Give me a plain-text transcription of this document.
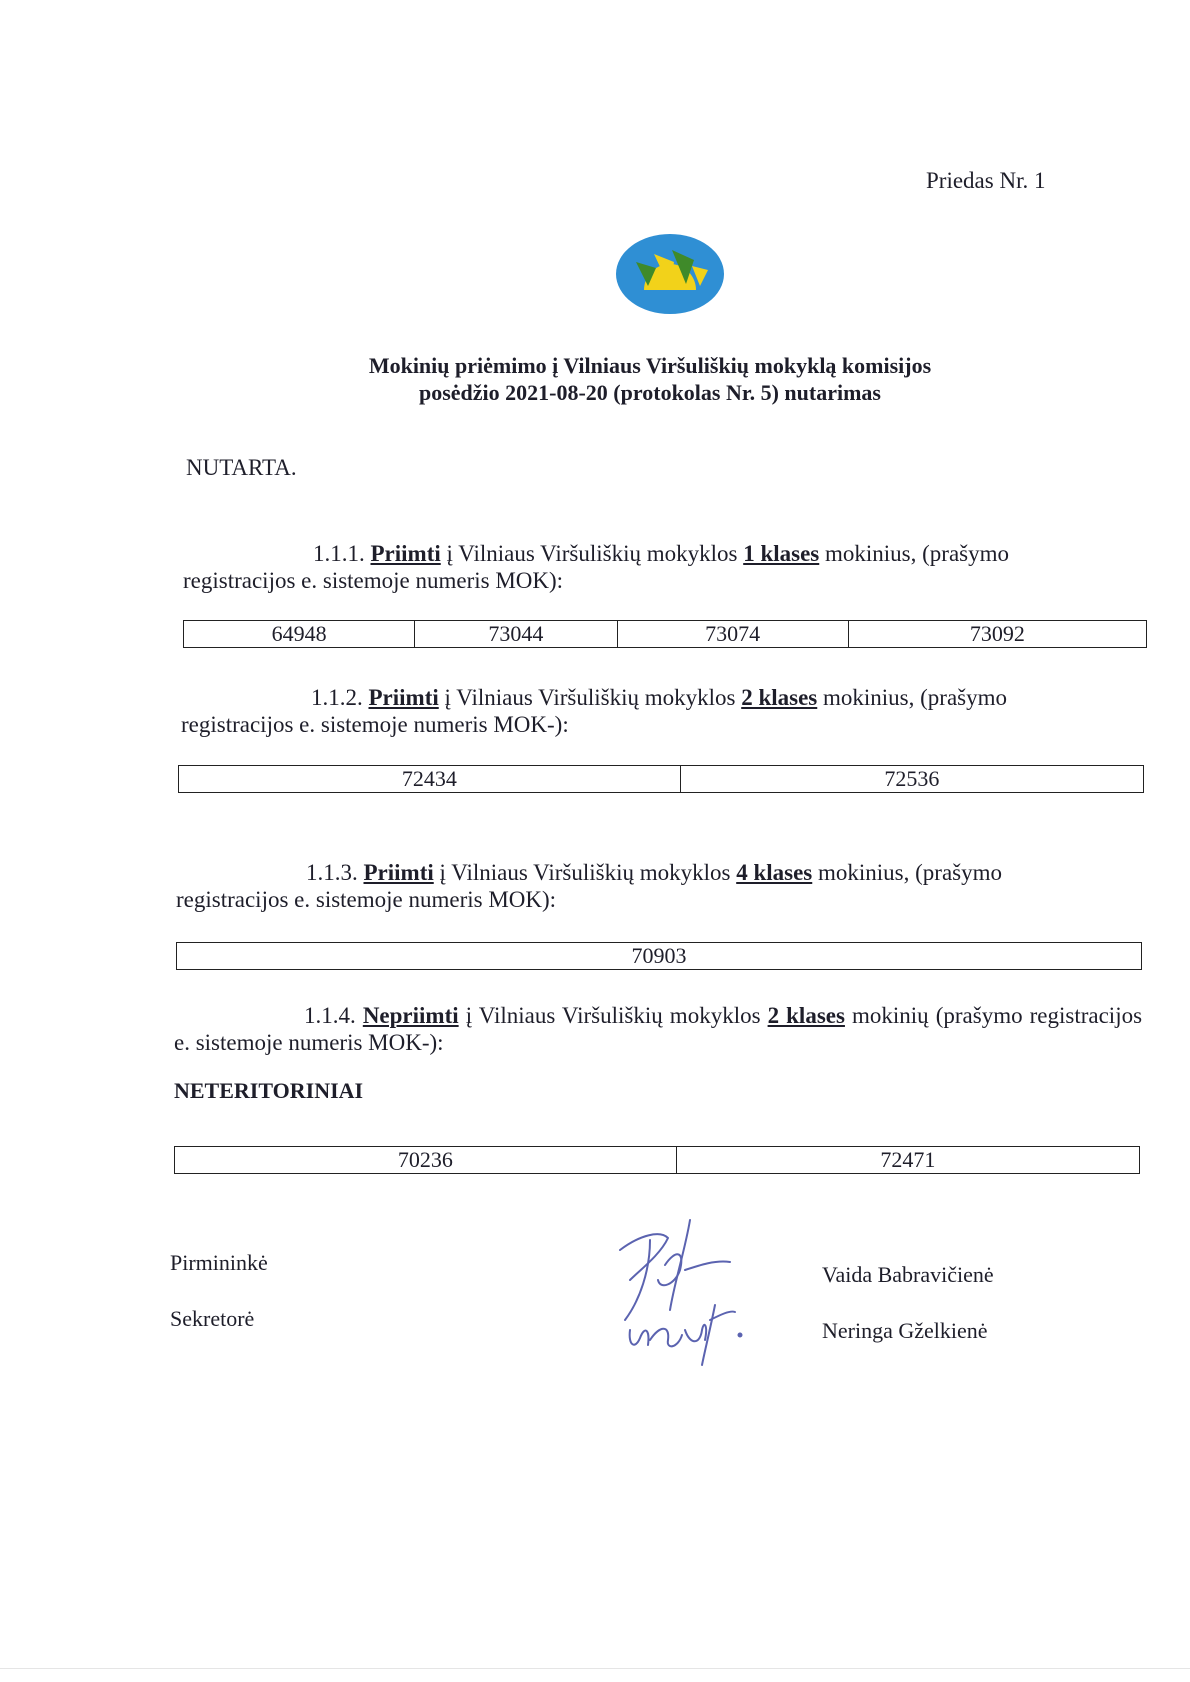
Priedas Nr. 1
Mokinių priėmimo į Vilniaus Viršuliškių mokyklą komisijos
posėdžio 2021-08-20 (protokolas Nr. 5) nutarimas
NUTARTA.
1.1.1. Priimti į Vilniaus Viršuliškių mokyklos 1 klases mokinius, (prašymo registracijos e. sistemoje numeris MOK):
64948	73044	73074	73092
1.1.2. Priimti į Vilniaus Viršuliškių mokyklos 2 klases mokinius, (prašymo registracijos e. sistemoje numeris MOK-):
72434	72536
1.1.3. Priimti į Vilniaus Viršuliškių mokyklos 4 klases mokinius, (prašymo registracijos e. sistemoje numeris MOK):
70903
1.1.4. Nepriimti į Vilniaus Viršuliškių mokyklos 2 klases mokinių (prašymo registracijos e. sistemoje numeris MOK-):
NETERITORINIAI
70236	72471
Pirmininkė
Sekretorė
Vaida Babravičienė
Neringa Gželkienė
